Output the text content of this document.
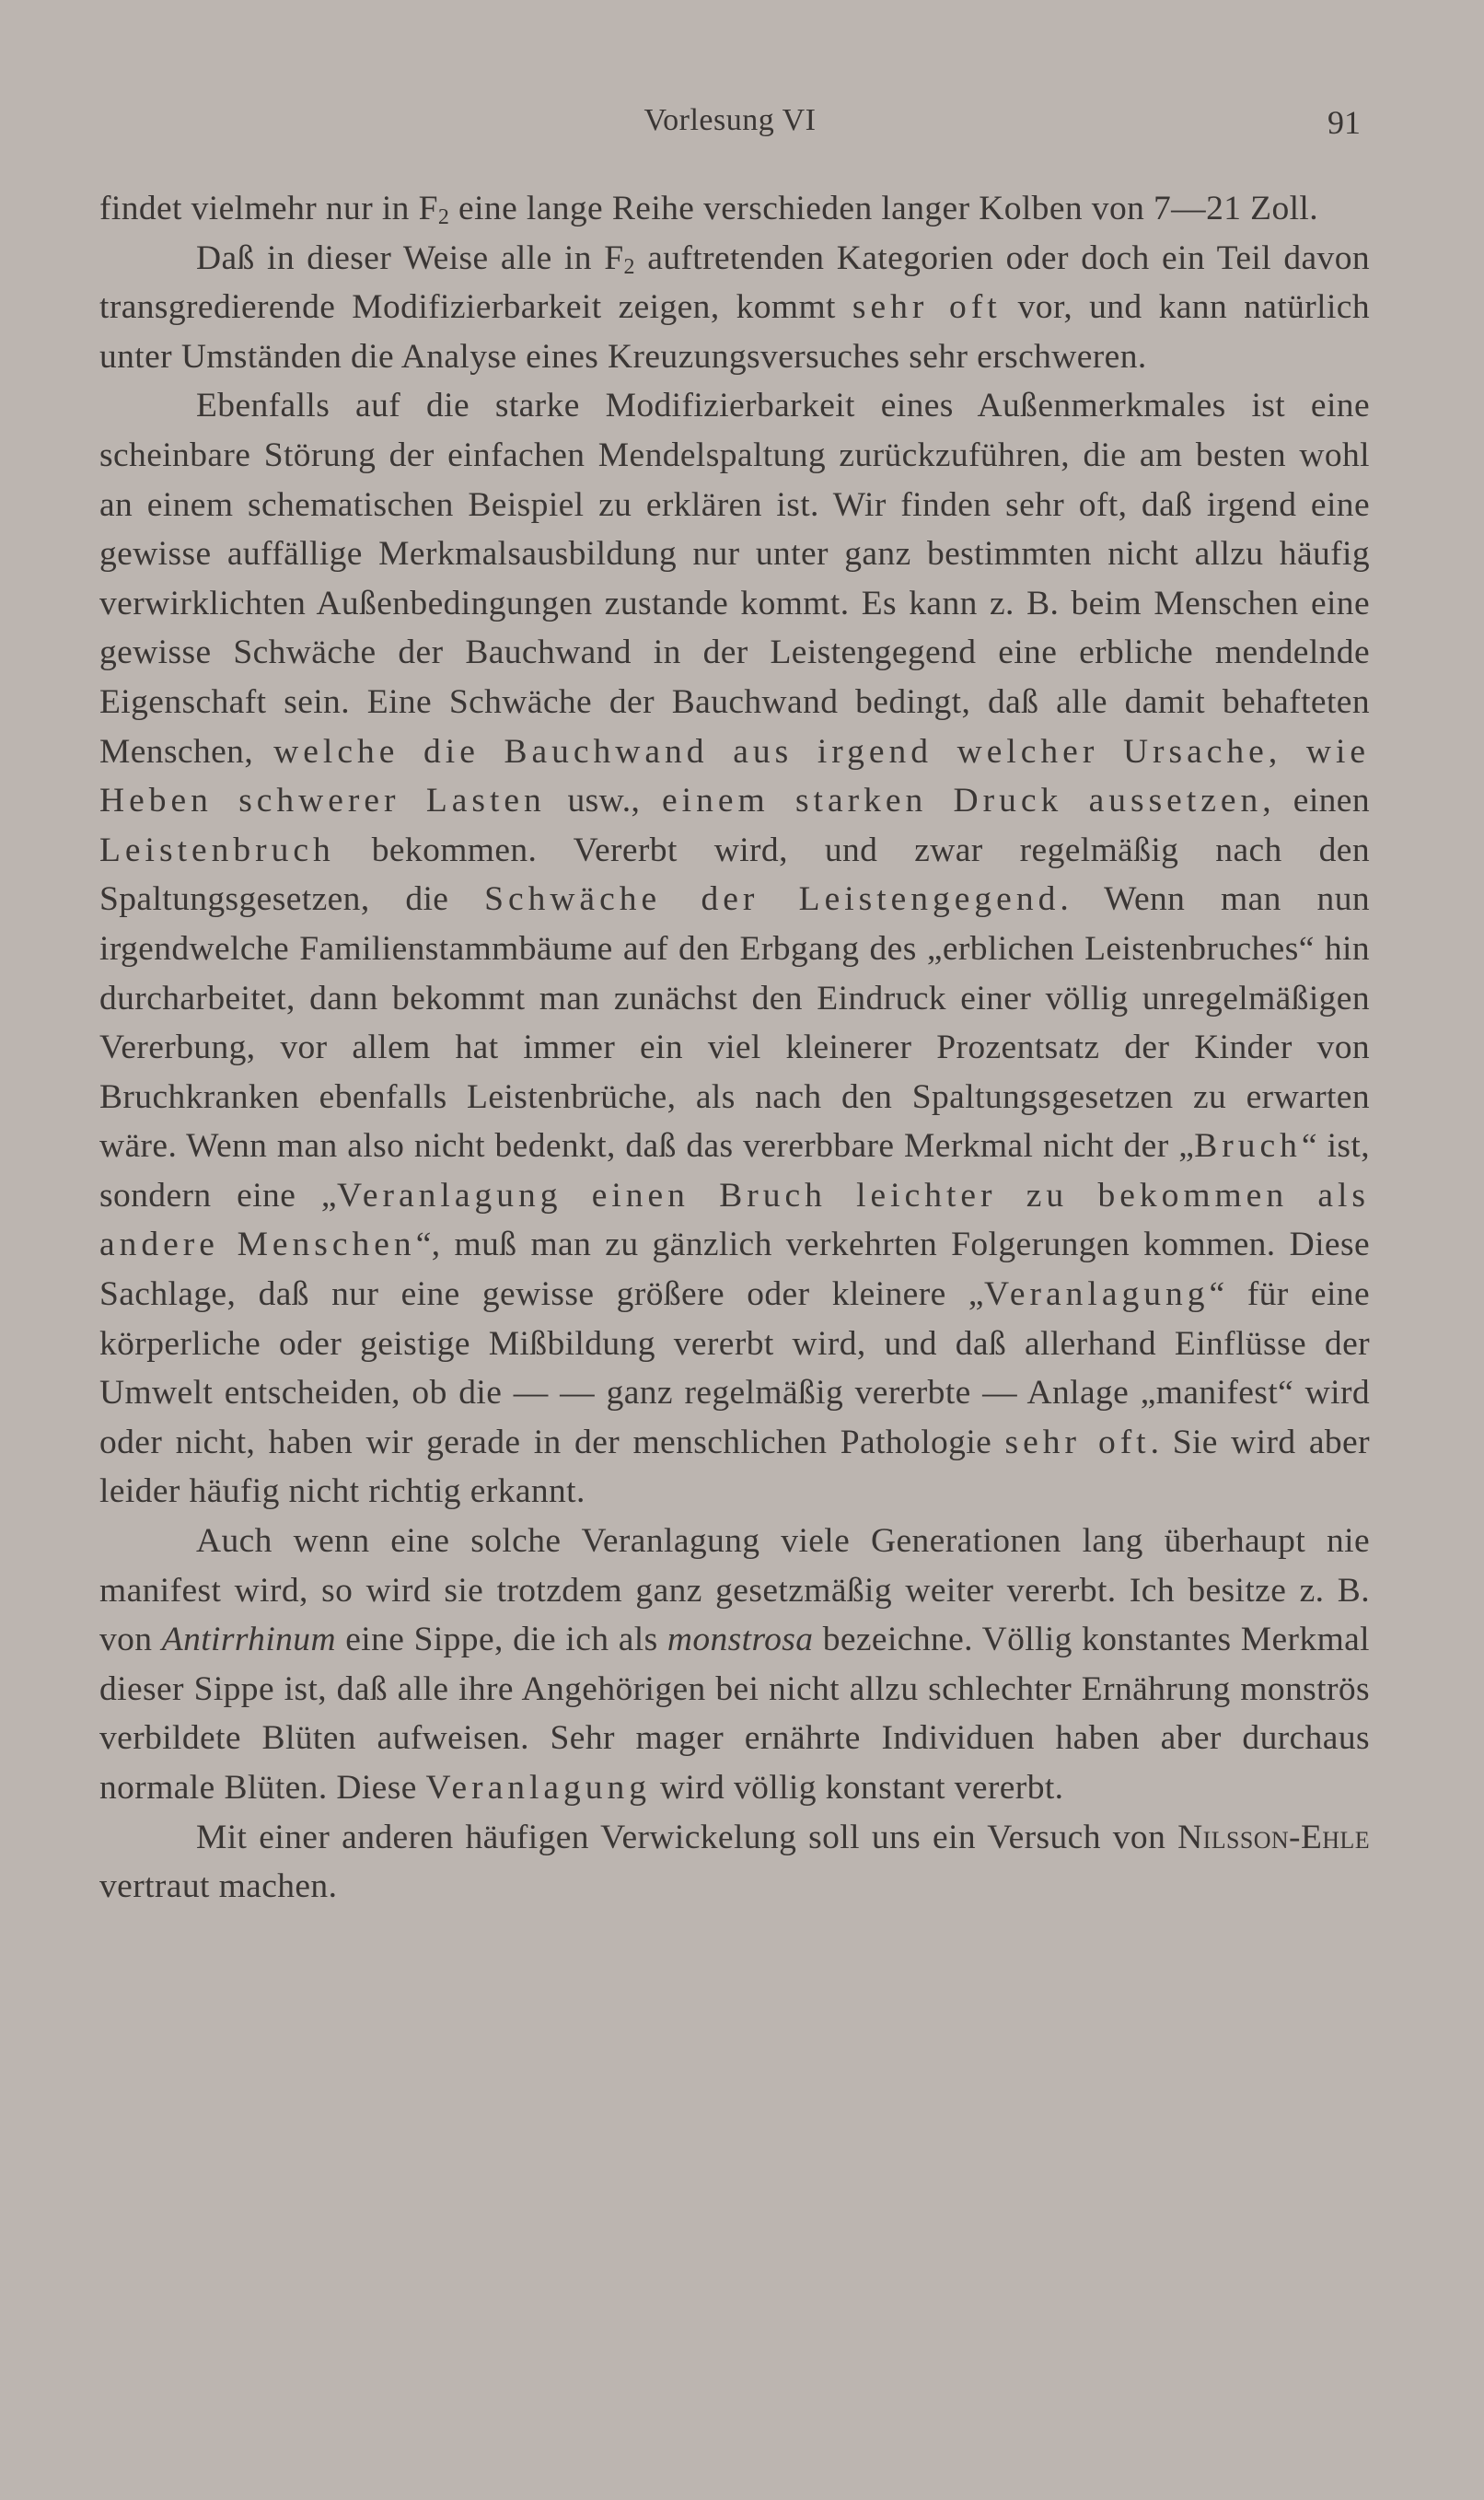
Vorlesung VI	91

findet vielmehr nur in $F_2$ eine lange Reihe verschieden langer Kolben von 7—21 Zoll.

Daß in dieser Weise alle in $F_2$ auftretenden Kategorien oder doch ein Teil davon transgredierende Modifizierbarkeit zeigen, kommt sehr oft vor, und kann natürlich unter Umständen die Analyse eines Kreuzungsversuches sehr erschweren.

Ebenfalls auf die starke Modifizierbarkeit eines Außenmerkmales ist eine scheinbare Störung der einfachen Mendelspaltung zurückzuführen, die am besten wohl an einem schematischen Beispiel zu erklären ist. Wir finden sehr oft, daß irgend eine gewisse auffällige Merkmalsausbildung nur unter ganz bestimmten nicht allzu häufig verwirklichten Außenbedingungen zustande kommt. Es kann z. B. beim Menschen eine gewisse Schwäche der Bauchwand in der Leistengegend eine erbliche mendelnde Eigenschaft sein. Eine Schwäche der Bauchwand bedingt, daß alle damit behafteten Menschen, welche die Bauchwand aus irgend welcher Ursache, wie Heben schwerer Lasten usw., einem starken Druck aussetzen, einen Leistenbruch bekommen. Vererbt wird, und zwar regelmäßig nach den Spaltungsgesetzen, die Schwäche der Leistengegend. Wenn man nun irgendwelche Familienstammbäume auf den Erbgang des „erblichen Leistenbruches“ hin durcharbeitet, dann bekommt man zunächst den Eindruck einer völlig unregelmäßigen Vererbung, vor allem hat immer ein viel kleinerer Prozentsatz der Kinder von Bruchkranken ebenfalls Leistenbrüche, als nach den Spaltungsgesetzen zu erwarten wäre. Wenn man also nicht bedenkt, daß das vererbbare Merkmal nicht der „Bruch“ ist, sondern eine „Veranlagung einen Bruch leichter zu bekommen als andere Menschen“, muß man zu gänzlich verkehrten Folgerungen kommen. Diese Sachlage, daß nur eine gewisse größere oder kleinere „Veranlagung“ für eine körperliche oder geistige Mißbildung vererbt wird, und daß allerhand Einflüsse der Umwelt entscheiden, ob die — — ganz regelmäßig vererbte — Anlage „manifest“ wird oder nicht, haben wir gerade in der menschlichen Pathologie sehr oft. Sie wird aber leider häufig nicht richtig erkannt.

Auch wenn eine solche Veranlagung viele Generationen lang überhaupt nie manifest wird, so wird sie trotzdem ganz gesetzmäßig weiter vererbt. Ich besitze z. B. von Antirrhinum eine Sippe, die ich als monstrosa bezeichne. Völlig konstantes Merkmal dieser Sippe ist, daß alle ihre Angehörigen bei nicht allzu schlechter Ernährung monströs verbildete Blüten aufweisen. Sehr mager ernährte Individuen haben aber durchaus normale Blüten. Diese Veranlagung wird völlig konstant vererbt.

Mit einer anderen häufigen Verwickelung soll uns ein Versuch von Nilsson-Ehle vertraut machen.
